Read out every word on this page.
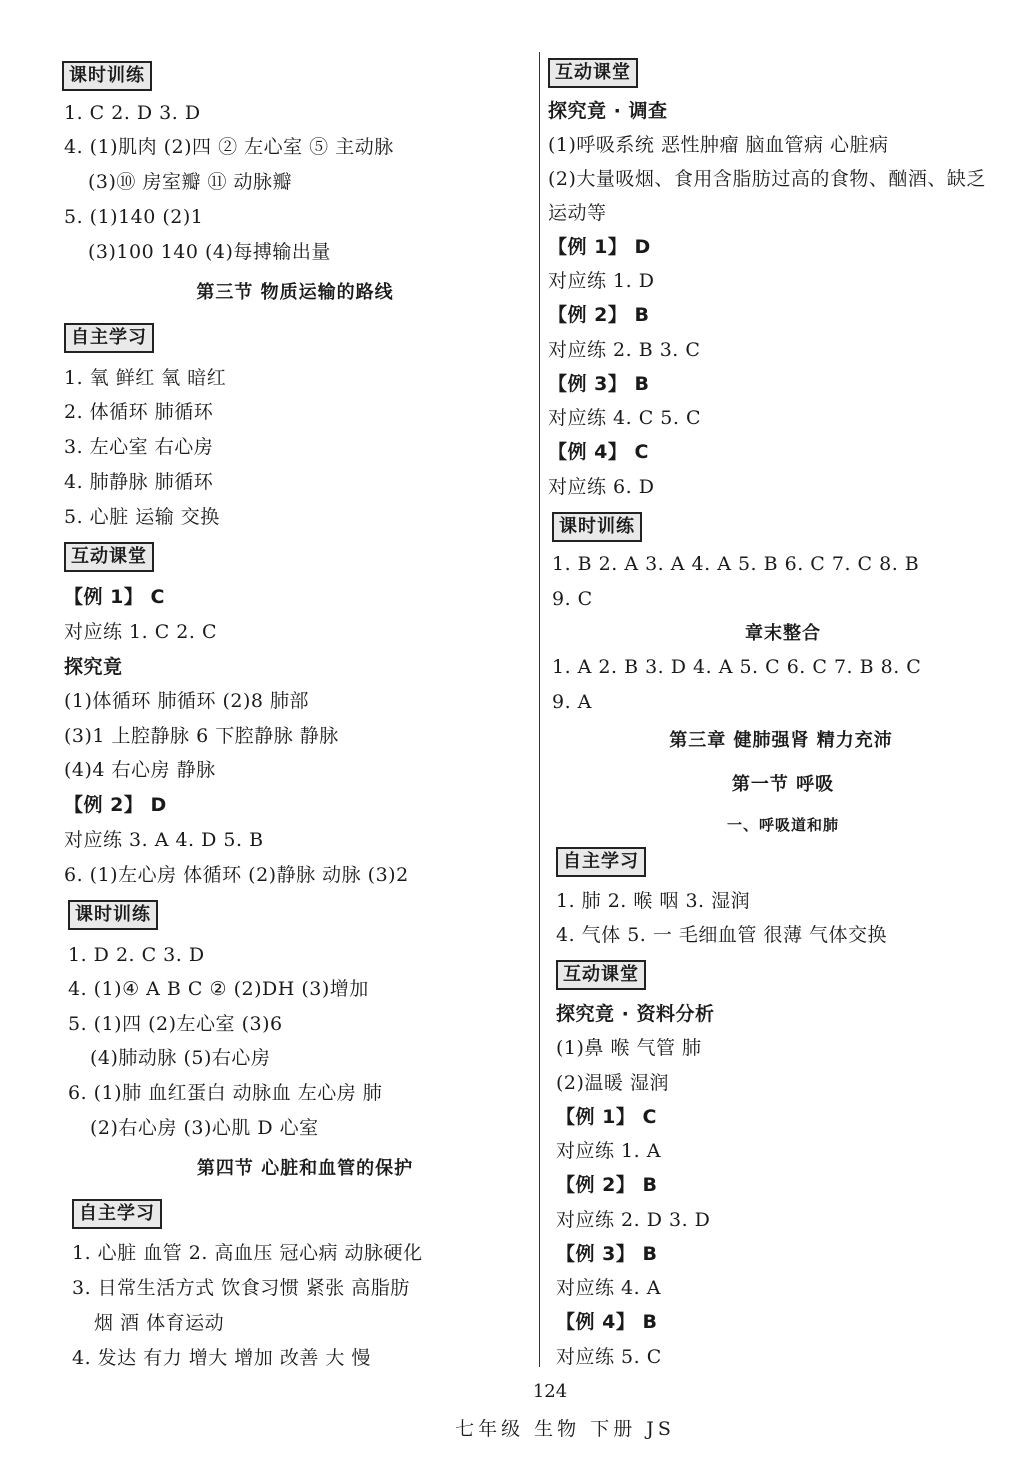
课时训练
1. C 2. D 3. D
4. (1)肌肉 (2)四 ② 左心室 ⑤ 主动脉
(3)⑩ 房室瓣 ⑪ 动脉瓣
5. (1)140 (2)1
(3)100 140 (4)每搏输出量
第三节 物质运输的路线
自主学习
1. 氧 鲜红 氧 暗红
2. 体循环 肺循环
3. 左心室 右心房
4. 肺静脉 肺循环
5. 心脏 运输 交换
互动课堂
【例 1】 C
对应练 1. C 2. C
探究竟
(1)体循环 肺循环 (2)8 肺部
(3)1 上腔静脉 6 下腔静脉 静脉
(4)4 右心房 静脉
【例 2】 D
对应练 3. A 4. D 5. B
6. (1)左心房 体循环 (2)静脉 动脉 (3)2
课时训练
1. D 2. C 3. D
4. (1)④ A B C ② (2)DH (3)增加
5. (1)四 (2)左心室 (3)6
(4)肺动脉 (5)右心房
6. (1)肺 血红蛋白 动脉血 左心房 肺
(2)右心房 (3)心肌 D 心室
第四节 心脏和血管的保护
自主学习
1. 心脏 血管 2. 高血压 冠心病 动脉硬化
3. 日常生活方式 饮食习惯 紧张 高脂肪
烟 酒 体育运动
4. 发达 有力 增大 增加 改善 大 慢
互动课堂
探究竟 · 调查
(1)呼吸系统 恶性肿瘤 脑血管病 心脏病
(2)大量吸烟、食用含脂肪过高的食物、酗酒、缺乏
运动等
【例 1】 D
对应练 1. D
【例 2】 B
对应练 2. B 3. C
【例 3】 B
对应练 4. C 5. C
【例 4】 C
对应练 6. D
课时训练
1. B 2. A 3. A 4. A 5. B 6. C 7. C 8. B
9. C
章末整合
1. A 2. B 3. D 4. A 5. C 6. C 7. B 8. C
9. A
第三章 健肺强肾 精力充沛
第一节 呼吸
一、呼吸道和肺
自主学习
1. 肺 2. 喉 咽 3. 湿润
4. 气体 5. 一 毛细血管 很薄 气体交换
互动课堂
探究竟 · 资料分析
(1)鼻 喉 气管 肺
(2)温暖 湿润
【例 1】 C
对应练 1. A
【例 2】 B
对应练 2. D 3. D
【例 3】 B
对应练 4. A
【例 4】 B
对应练 5. C
124
七年级 生物 下册 JS
